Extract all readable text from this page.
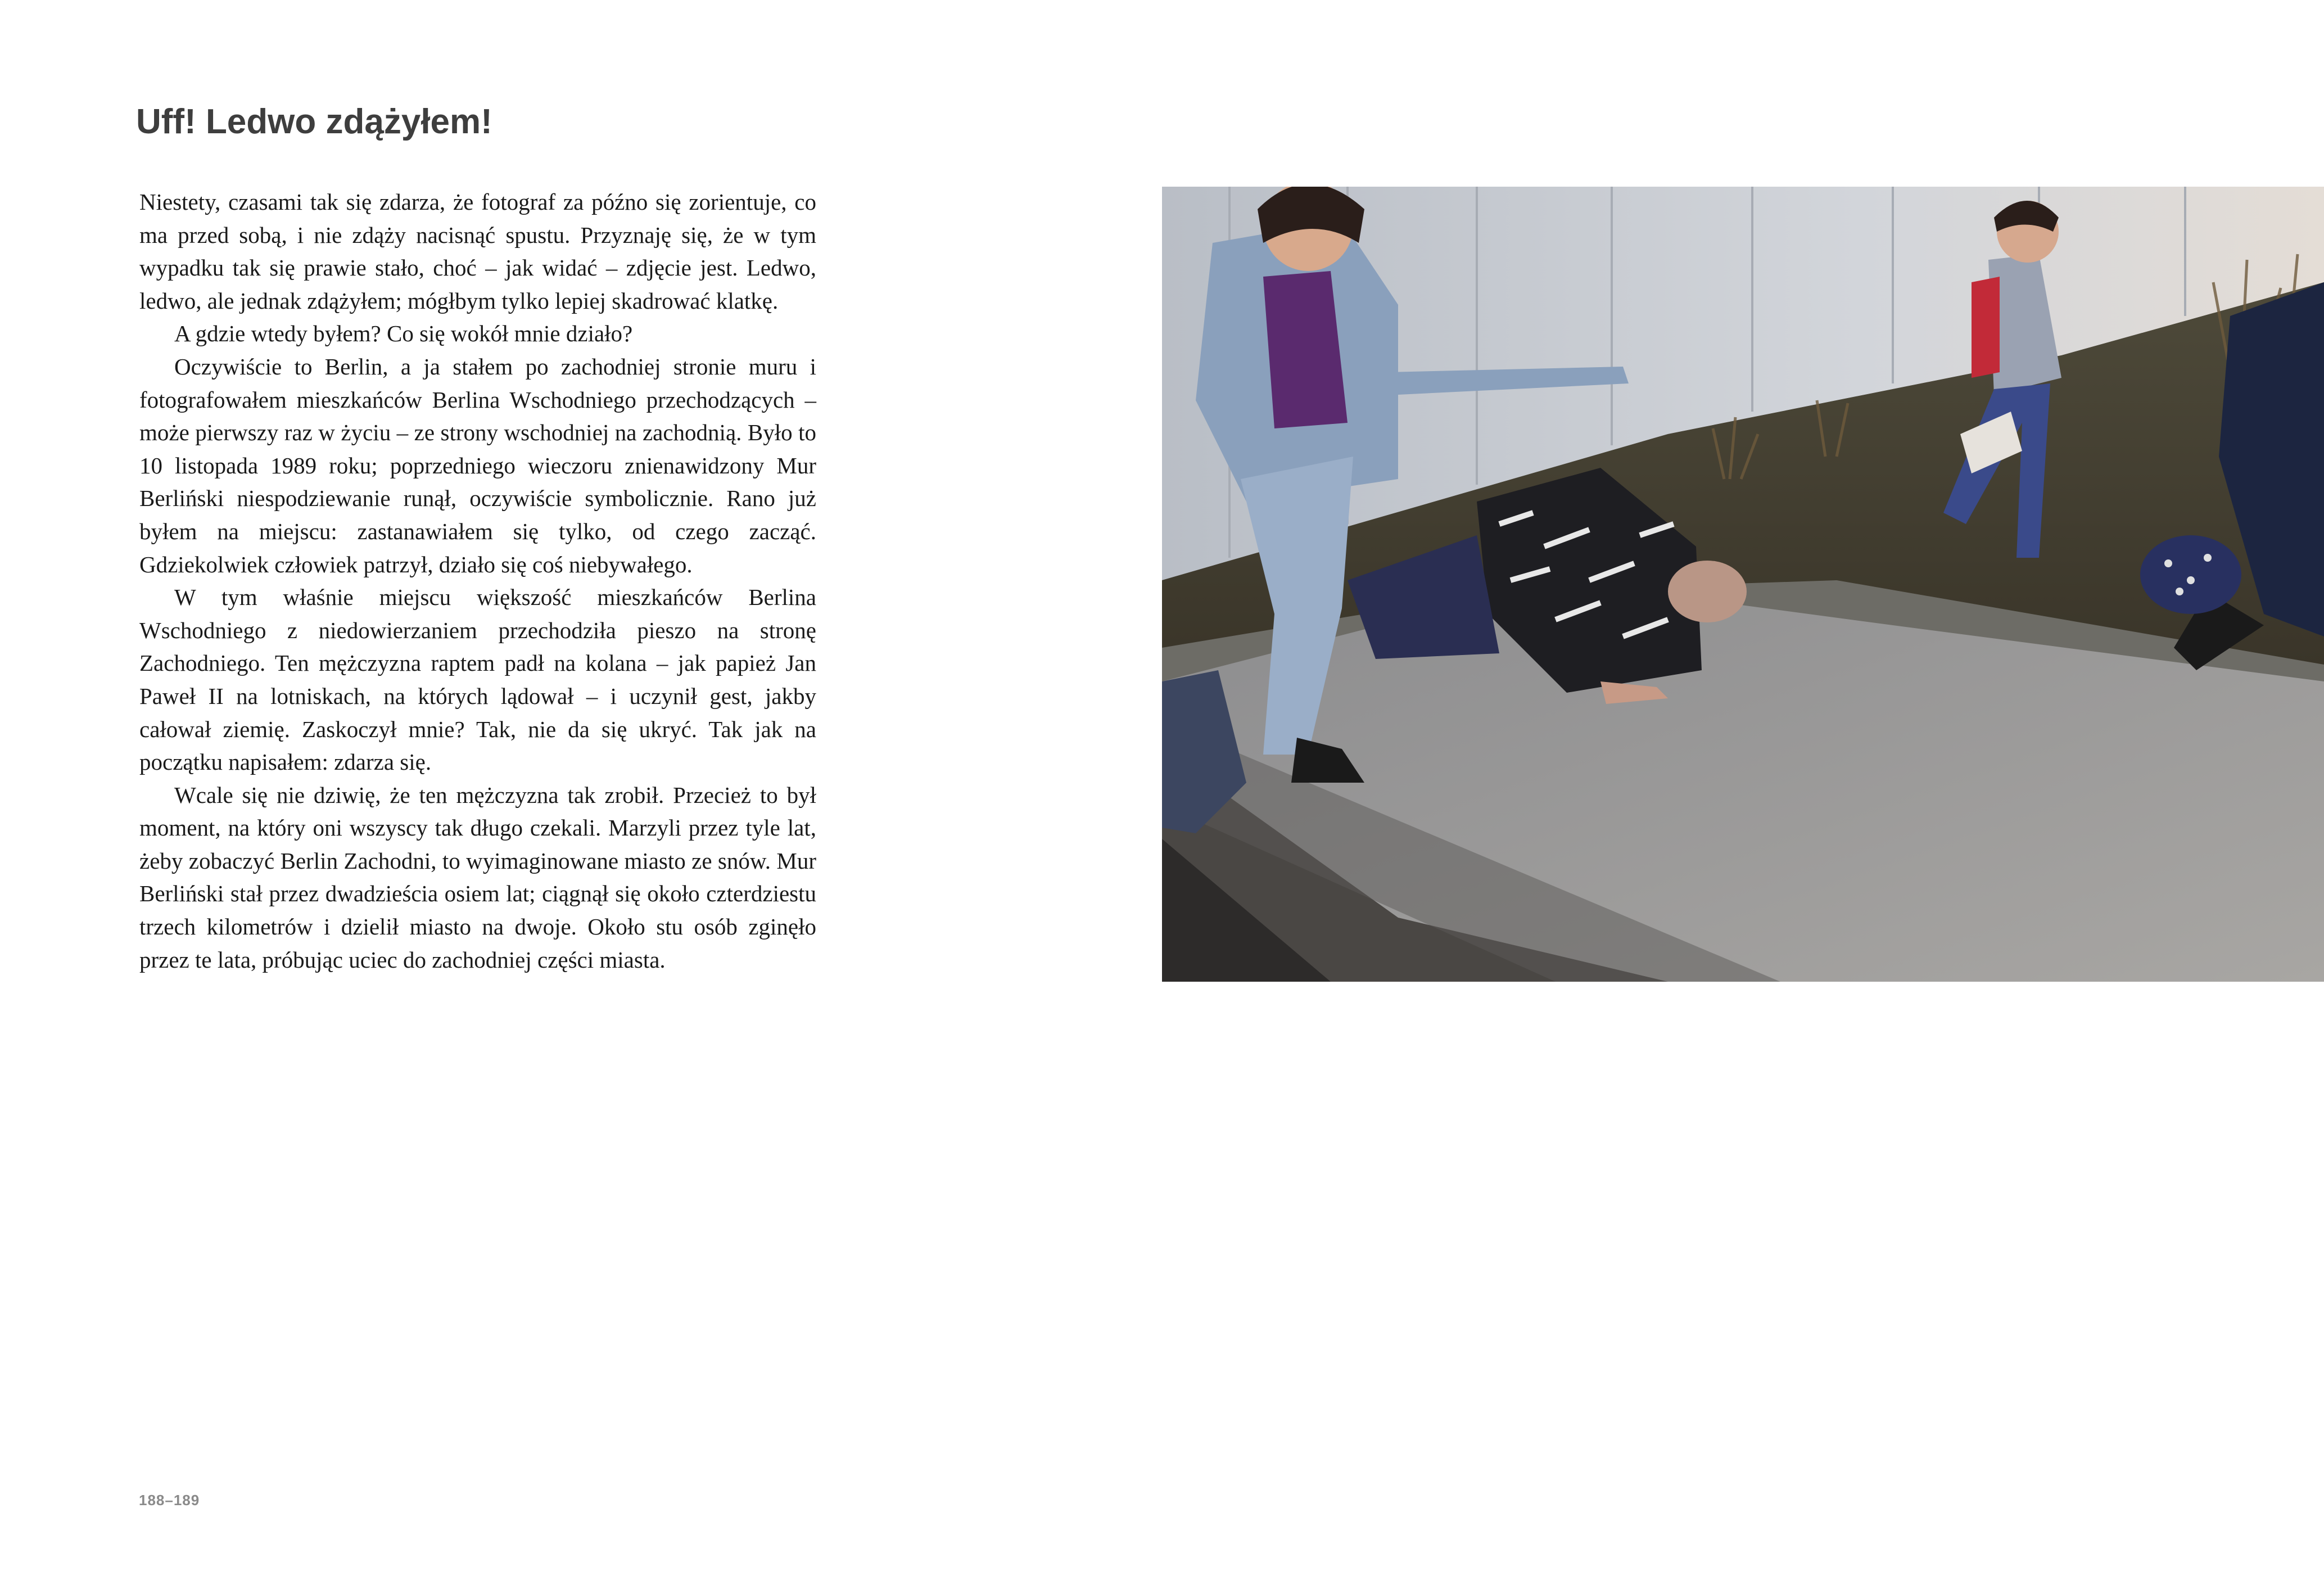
Uff! Ledwo zdążyłem!

Niestety, czasami tak się zdarza, że fotograf za późno się zorientuje, co ma przed sobą, i nie zdąży nacisnąć spustu. Przyznaję się, że w tym wypadku tak się prawie stało, choć – jak widać – zdjęcie jest. Ledwo, ledwo, ale jednak zdążyłem; mógłbym tylko lepiej skadrować klatkę.

A gdzie wtedy byłem? Co się wokół mnie działo?

Oczywiście to Berlin, a ja stałem po zachodniej stronie muru i fotografowałem mieszkańców Berlina Wschodniego przechodzących – może pierwszy raz w życiu – ze strony wschodniej na zachodnią. Było to 10 listopada 1989 roku; poprzedniego wieczoru znienawidzony Mur Berliński niespodziewanie runął, oczywiście symbolicznie. Rano już byłem na miejscu: zastanawiałem się tylko, od czego zacząć. Gdziekolwiek człowiek patrzył, działo się coś niebywałego.

W tym właśnie miejscu większość mieszkańców Berlina Wschodniego z niedowierzaniem przechodziła pieszo na stronę Zachodniego. Ten mężczyzna raptem padł na kolana – jak papież Jan Paweł II na lotniskach, na których lądował – i uczynił gest, jakby całował ziemię. Zaskoczył mnie? Tak, nie da się ukryć. Tak jak na początku napisałem: zdarza się.

Wcale się nie dziwię, że ten mężczyzna tak zrobił. Przecież to był moment, na który oni wszyscy tak długo czekali. Marzyli przez tyle lat, żeby zobaczyć Berlin Zachodni, to wyimaginowane miasto ze snów. Mur Berliński stał przez dwadzieścia osiem lat; ciągnął się około czterdziestu trzech kilometrów i dzielił miasto na dwoje. Około stu osób zginęło przez te lata, próbując uciec do zachodniej części miasta.

188–189
